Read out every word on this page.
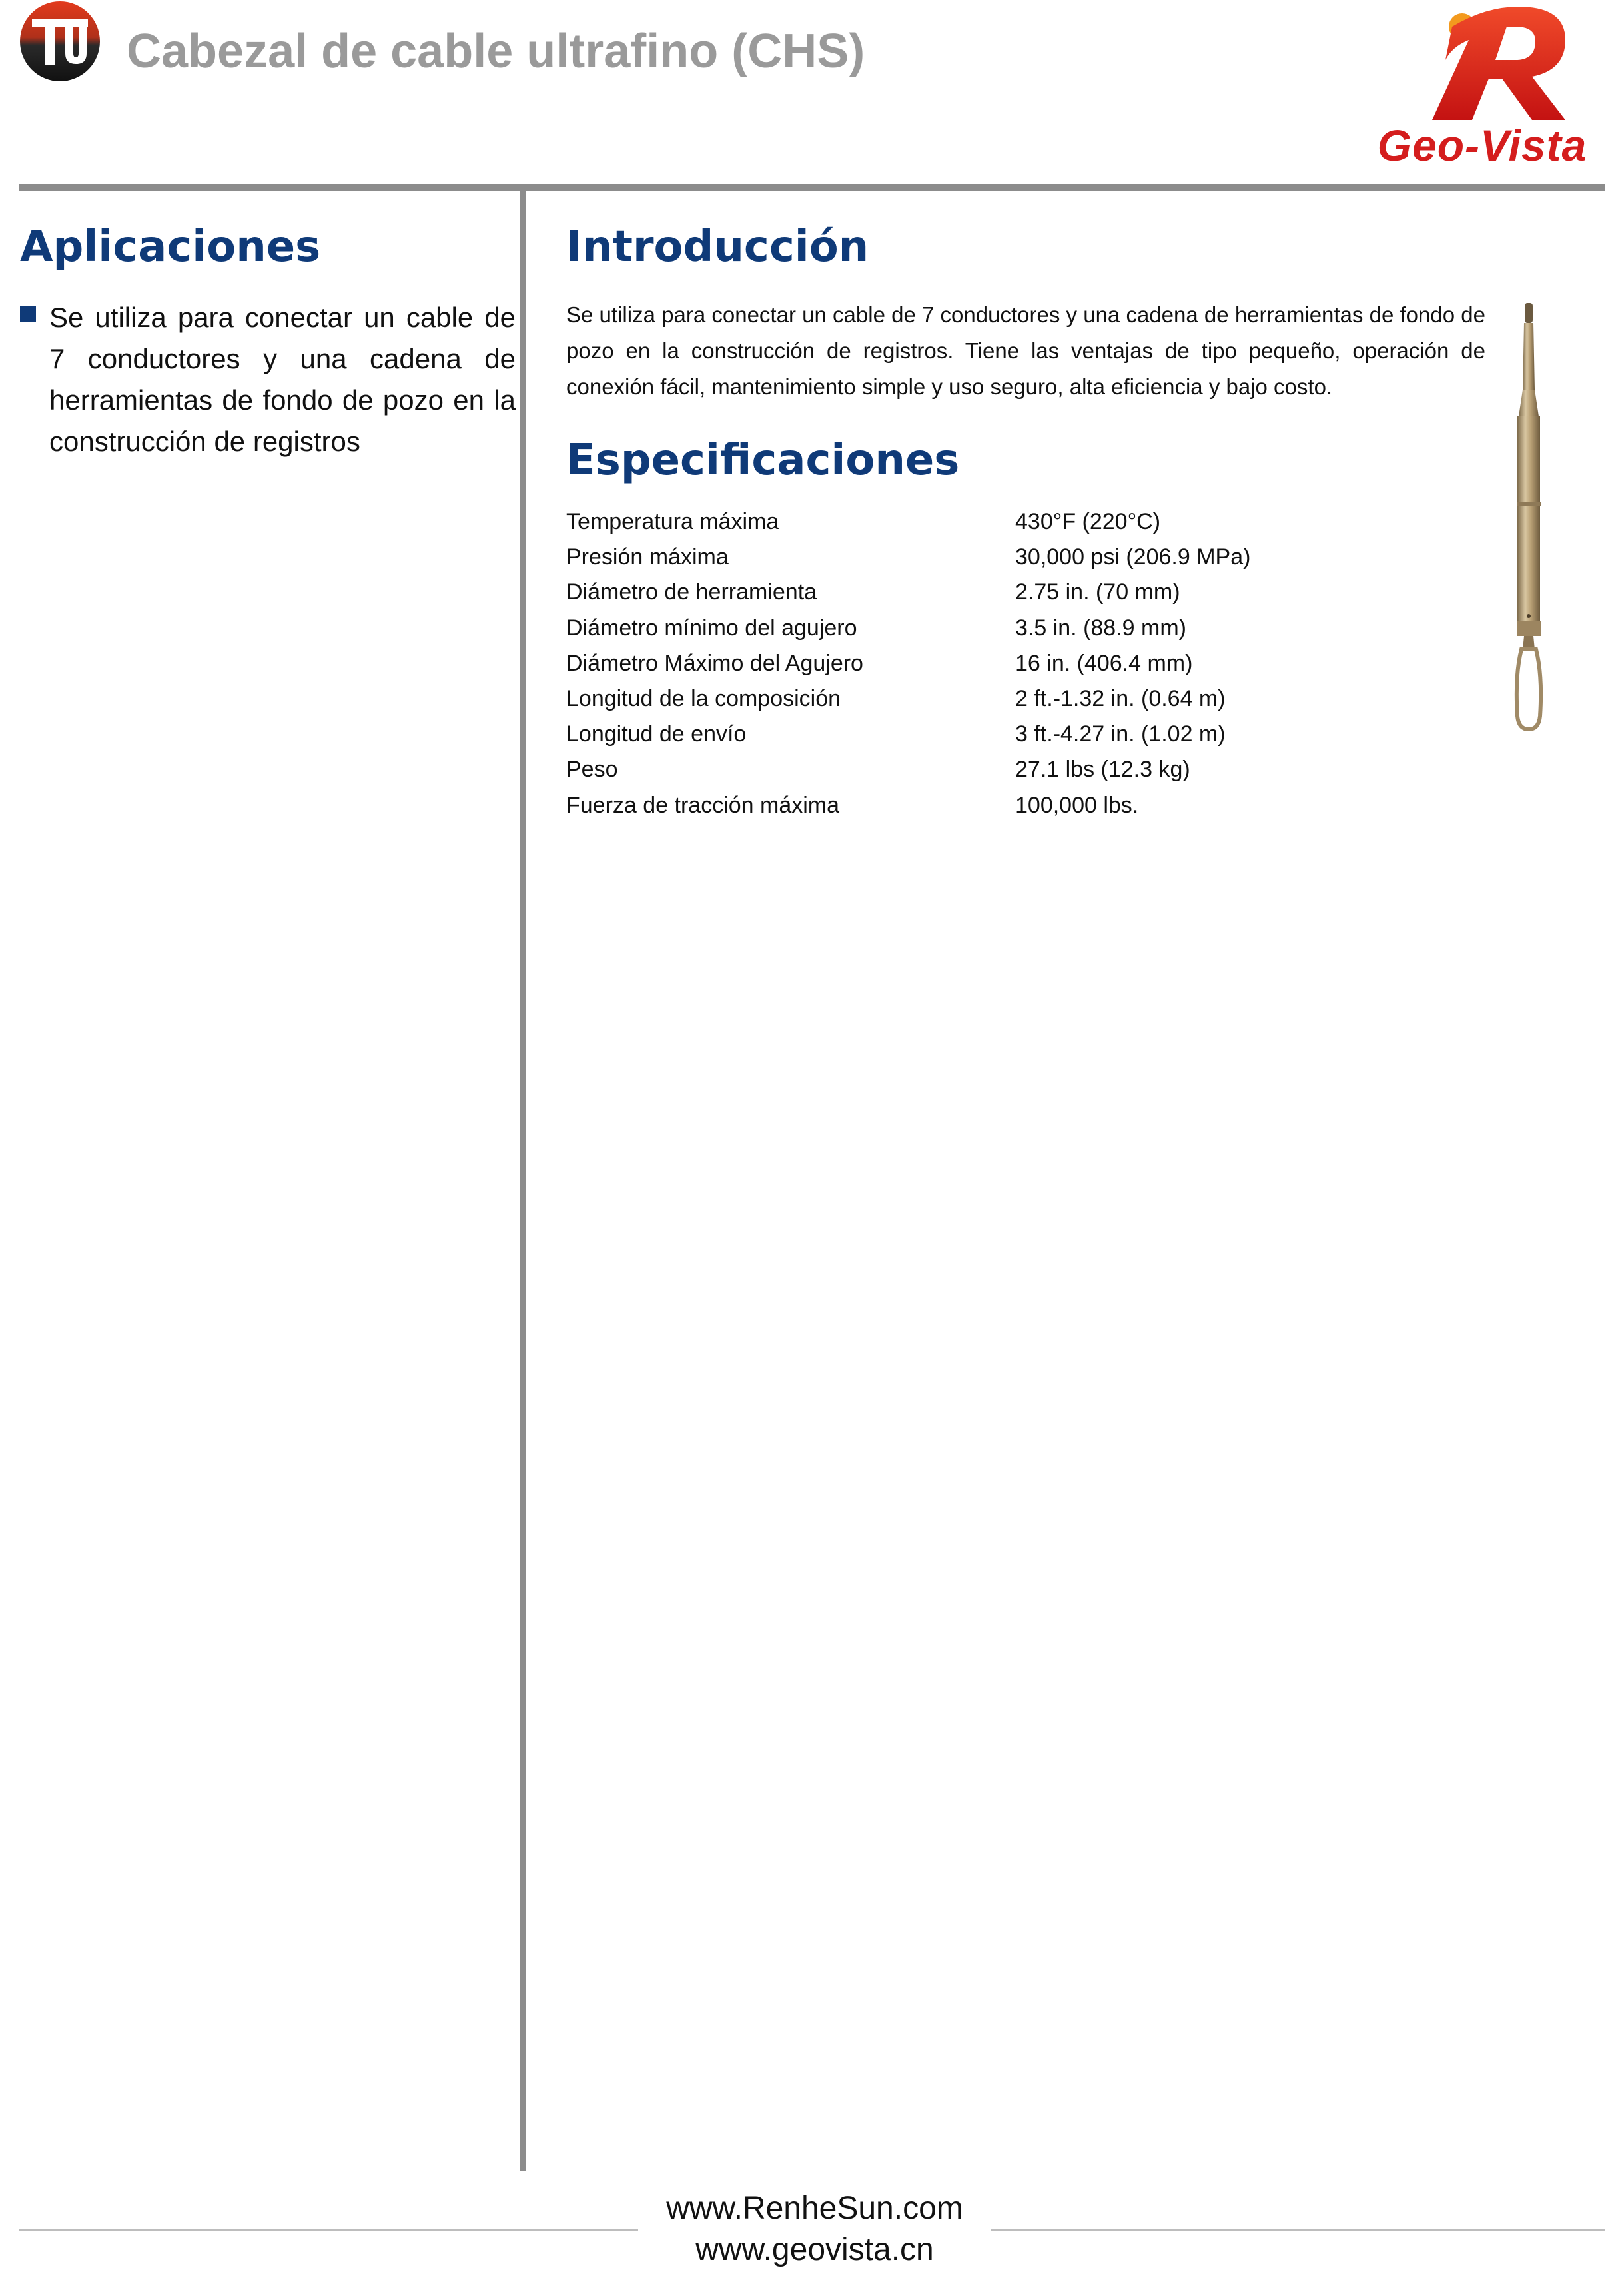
Cabezal de cable ultrafino (CHS)
Geo-Vista
Aplicaciones
Se utiliza para conectar un cable de 7 conductores y una cadena de herramientas de fondo de pozo en la construcción de registros
Introducción
Se utiliza para conectar un cable de 7 conductores y una cadena de herramientas de fondo de pozo en la construcción de registros. Tiene las ventajas de tipo pequeño, operación de conexión fácil, mantenimiento simple y uso seguro, alta eficiencia y bajo costo.
Especificaciones
Temperatura máxima	430°F (220°C)
Presión máxima	30,000 psi (206.9 MPa)
Diámetro de herramienta	2.75 in. (70 mm)
Diámetro mínimo del agujero	3.5 in. (88.9 mm)
Diámetro Máximo del Agujero	16 in. (406.4 mm)
Longitud de la composición	2 ft.-1.32 in. (0.64 m)
Longitud de envío	3 ft.-4.27 in. (1.02 m)
Peso	27.1 lbs (12.3 kg)
Fuerza de tracción máxima	100,000 lbs.
www.RenheSun.com
www.geovista.cn
